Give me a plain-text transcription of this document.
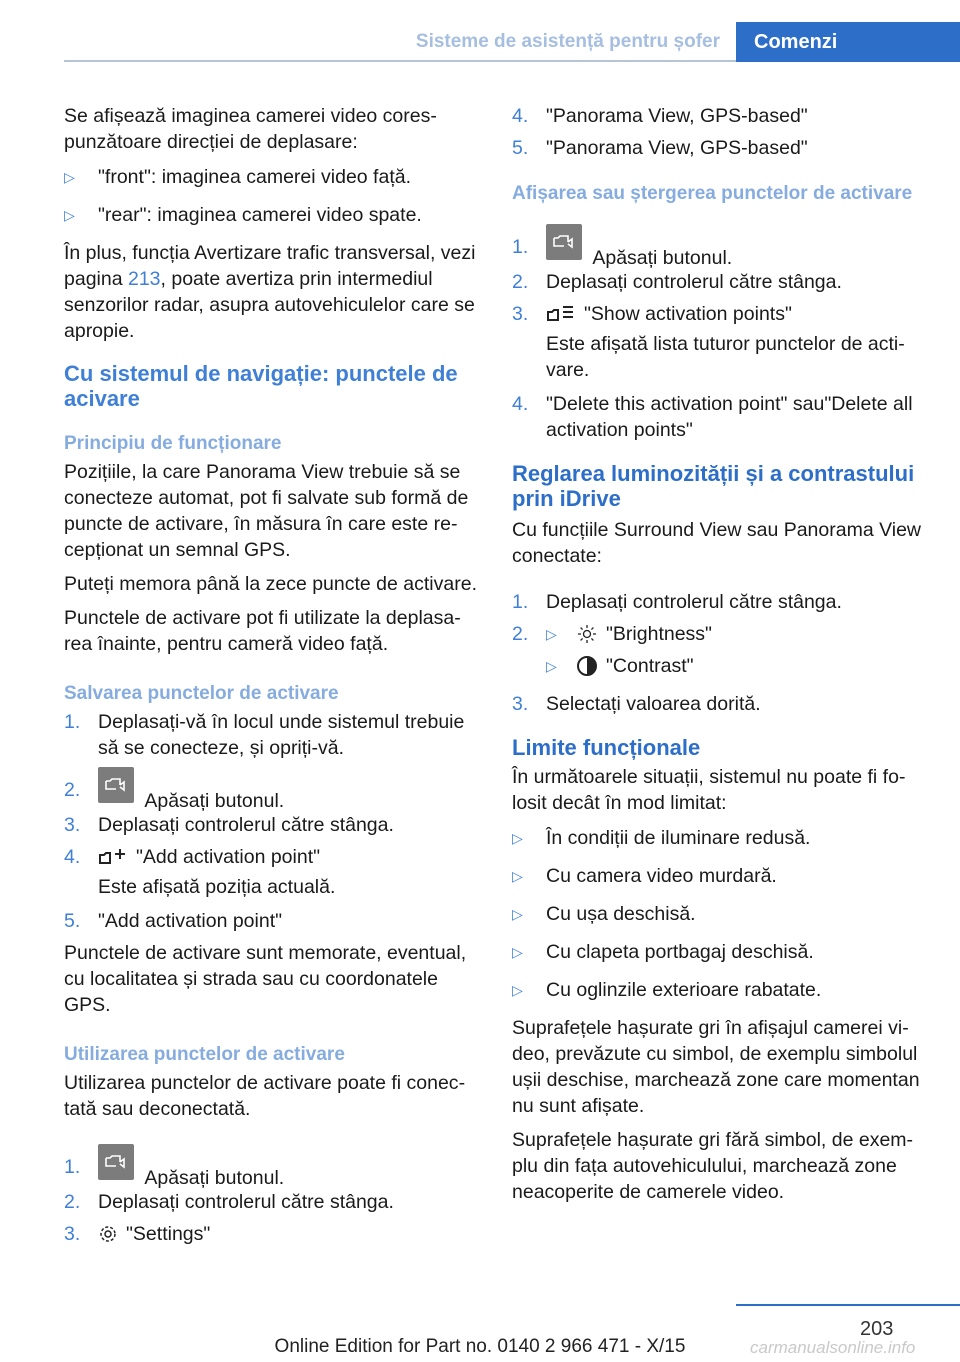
Sisteme de asistență pentru șofer	Comenzi

Se afișează imaginea camerei video corespunzătoare direcției de deplasare:

▷	"front": imaginea camerei video față.
▷	"rear": imaginea camerei video spate.

În plus, funcția Avertizare trafic transversal, vezi pagina 213, poate avertiza prin intermediul senzorilor radar, asupra autovehiculelor care se apropie.

Cu sistemul de navigație: punctele de acivare
Principiu de funcționare

Pozițiile, la care Panorama View trebuie să se conecteze automat, pot fi salvate sub formă de puncte de activare, în măsura în care este recepționat un semnal GPS.

Puteți memora până la zece puncte de activare.

Punctele de activare pot fi utilizate la deplasarea înainte, pentru cameră video față.

Salvarea punctelor de activare
1. Deplasați-vă în locul unde sistemul trebuie să se conecteze, și opriți-vă.
2.	Apăsați butonul.
3. Deplasați controlerul către stânga.
4.	"Add activation point"
Este afișată poziția actuală.
5. "Add activation point"

Punctele de activare sunt memorate, eventual, cu localitatea și strada sau cu coordonatele GPS.

Utilizarea punctelor de activare

Utilizarea punctelor de activare poate fi conectată sau deconectată.

1.	Apăsați butonul.
2. Deplasați controlerul către stânga.
3.	"Settings"
4. "Panorama View, GPS-based"
5. "Panorama View, GPS-based"
Afișarea sau ștergerea punctelor de activare
1.	Apăsați butonul.
2. Deplasați controlerul către stânga.
3.	"Show activation points"
Este afișată lista tuturor punctelor de activare.
4. "Delete this activation point" sau"Delete all activation points"
Reglarea luminozității și a contrastului prin iDrive

Cu funcțiile Surround View sau Panorama View conectate:

1. Deplasați controlerul către stânga.
2.	▷	"Brightness"
▷	"Contrast"
3. Selectați valoarea dorită.
Limite funcționale

În următoarele situații, sistemul nu poate fi folosit decât în mod limitat:

▷	În condiții de iluminare redusă.
▷	Cu camera video murdară.
▷	Cu ușa deschisă.
▷	Cu clapeta portbagaj deschisă.
▷	Cu oglinzile exterioare rabatate.

Suprafețele hașurate gri în afișajul camerei video, prevăzute cu simbol, de exemplu simbolul ușii deschise, marchează zone care momentan nu sunt afișate.

Suprafețele hașurate gri fără simbol, de exemplu din fața autovehiculului, marchează zone neacoperite de camerele video.

203
Online Edition for Part no. 0140 2 966 471 - X/15	carmanualsonline.info
